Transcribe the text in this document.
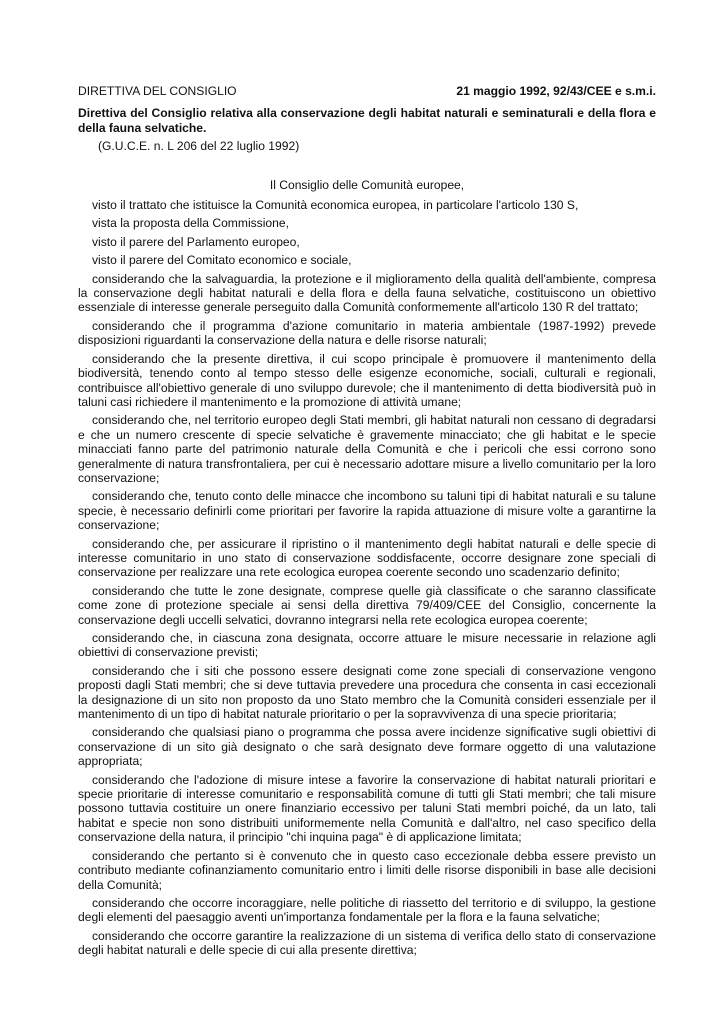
DIRETTIVA DEL CONSIGLIO	21 maggio 1992, 92/43/CEE e s.m.i.

Direttiva del Consiglio relativa alla conservazione degli habitat naturali e seminaturali e della flora e della fauna selvatiche.

(G.U.C.E. n. L 206 del 22 luglio 1992)

Il Consiglio delle Comunità europee,

visto il trattato che istituisce la Comunità economica europea, in particolare l'articolo 130 S,

vista la proposta della Commissione,

visto il parere del Parlamento europeo,

visto il parere del Comitato economico e sociale,

considerando che la salvaguardia, la protezione e il miglioramento della qualità dell'ambiente, compresa la conservazione degli habitat naturali e della flora e della fauna selvatiche, costituiscono un obiettivo essenziale di interesse generale perseguito dalla Comunità conformemente all'articolo 130 R del trattato;

considerando che il programma d'azione comunitario in materia ambientale (1987-1992) prevede disposizioni riguardanti la conservazione della natura e delle risorse naturali;

considerando che la presente direttiva, il cui scopo principale è promuovere il mantenimento della biodiversità, tenendo conto al tempo stesso delle esigenze economiche, sociali, culturali e regionali, contribuisce all'obiettivo generale di uno sviluppo durevole; che il mantenimento di detta biodiversità può in taluni casi richiedere il mantenimento e la promozione di attività umane;

considerando che, nel territorio europeo degli Stati membri, gli habitat naturali non cessano di degradarsi e che un numero crescente di specie selvatiche è gravemente minacciato; che gli habitat e le specie minacciati fanno parte del patrimonio naturale della Comunità e che i pericoli che essi corrono sono generalmente di natura transfrontaliera, per cui è necessario adottare misure a livello comunitario per la loro conservazione;

considerando che, tenuto conto delle minacce che incombono su taluni tipi di habitat naturali e su talune specie, è necessario definirli come prioritari per favorire la rapida attuazione di misure volte a garantirne la conservazione;

considerando che, per assicurare il ripristino o il mantenimento degli habitat naturali e delle specie di interesse comunitario in uno stato di conservazione soddisfacente, occorre designare zone speciali di conservazione per realizzare una rete ecologica europea coerente secondo uno scadenzario definito;

considerando che tutte le zone designate, comprese quelle già classificate o che saranno classificate come zone di protezione speciale ai sensi della direttiva 79/409/CEE del Consiglio, concernente la conservazione degli uccelli selvatici, dovranno integrarsi nella rete ecologica europea coerente;

considerando che, in ciascuna zona designata, occorre attuare le misure necessarie in relazione agli obiettivi di conservazione previsti;

considerando che i siti che possono essere designati come zone speciali di conservazione vengono proposti dagli Stati membri; che si deve tuttavia prevedere una procedura che consenta in casi eccezionali la designazione di un sito non proposto da uno Stato membro che la Comunità consideri essenziale per il mantenimento di un tipo di habitat naturale prioritario o per la sopravvivenza di una specie prioritaria;

considerando che qualsiasi piano o programma che possa avere incidenze significative sugli obiettivi di conservazione di un sito già designato o che sarà designato deve formare oggetto di una valutazione appropriata;

considerando che l'adozione di misure intese a favorire la conservazione di habitat naturali prioritari e specie prioritarie di interesse comunitario e responsabilità comune di tutti gli Stati membri; che tali misure possono tuttavia costituire un onere finanziario eccessivo per taluni Stati membri poiché, da un lato, tali habitat e specie non sono distribuiti uniformemente nella Comunità e dall'altro, nel caso specifico della conservazione della natura, il principio "chi inquina paga" è di applicazione limitata;

considerando che pertanto si è convenuto che in questo caso eccezionale debba essere previsto un contributo mediante cofinanziamento comunitario entro i limiti delle risorse disponibili in base alle decisioni della Comunità;

considerando che occorre incoraggiare, nelle politiche di riassetto del territorio e di sviluppo, la gestione degli elementi del paesaggio aventi un'importanza fondamentale per la flora e la fauna selvatiche;

considerando che occorre garantire la realizzazione di un sistema di verifica dello stato di conservazione degli habitat naturali e delle specie di cui alla presente direttiva;
